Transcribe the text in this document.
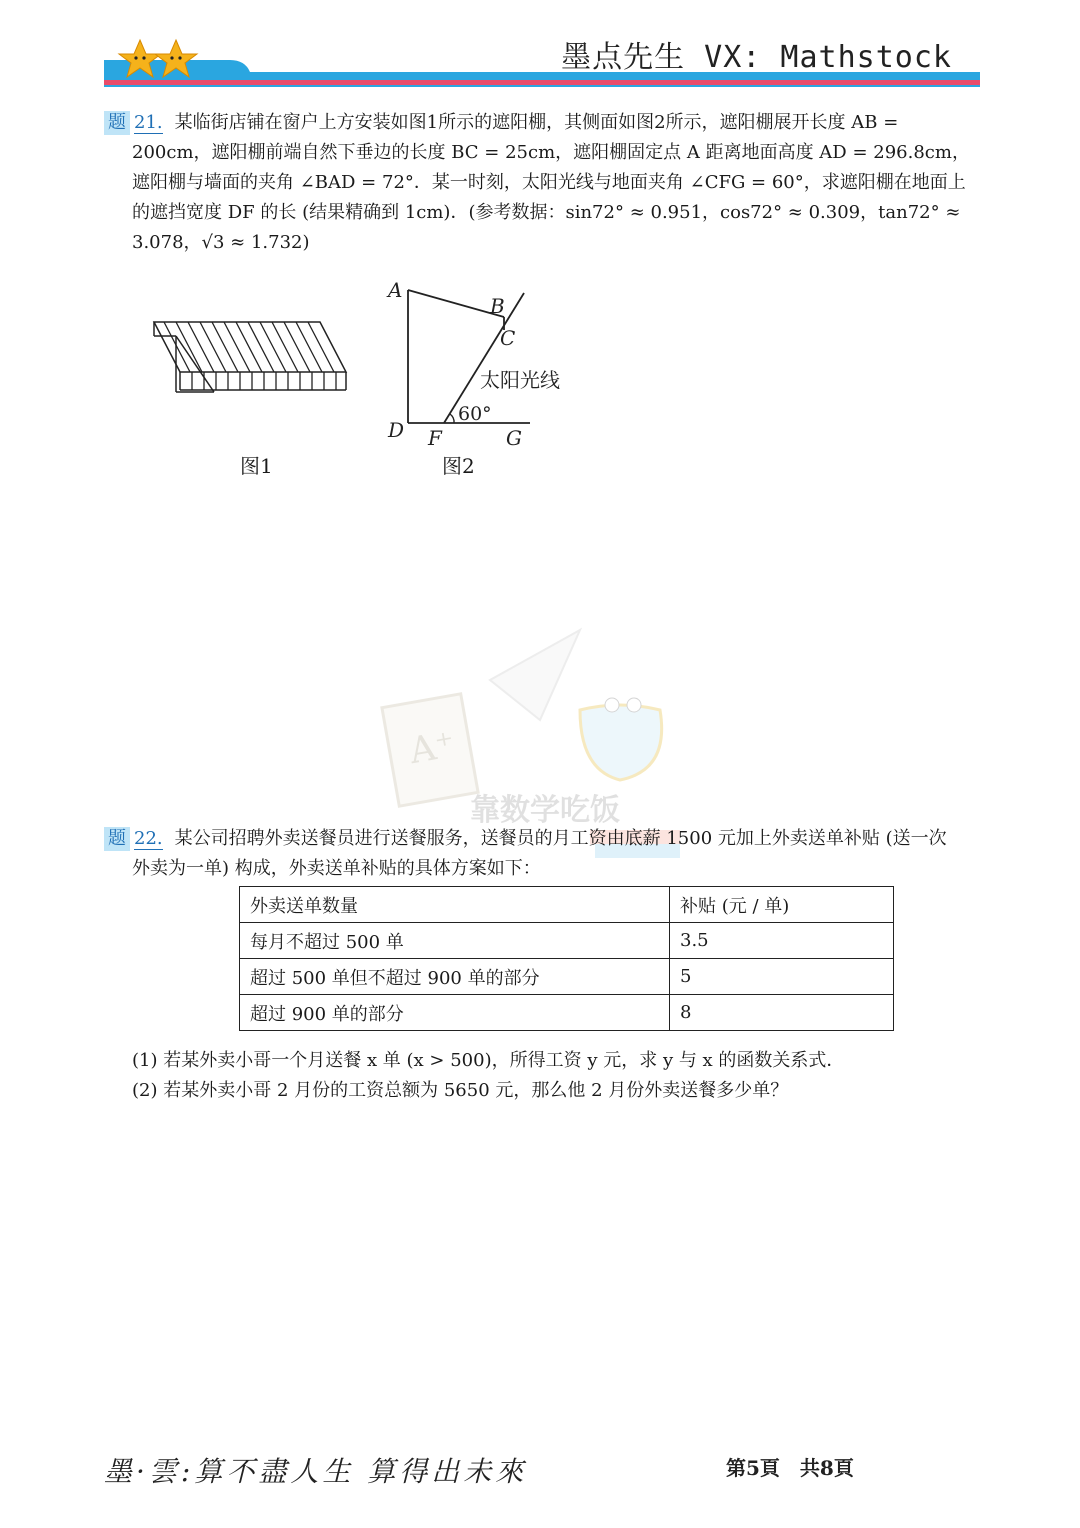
墨点先生 VX: Mathstock
题 21. 某临街店铺在窗户上方安装如图1所示的遮阳棚，其侧面如图2所示，遮阳棚展开长度 AB =
200cm，遮阳棚前端自然下垂边的长度 BC = 25cm，遮阳棚固定点 A 距离地面高度 AD = 296.8cm，
遮阳棚与墙面的夹角 ∠BAD = 72°．某一时刻，太阳光线与地面夹角 ∠CFG = 60°，求遮阳棚在地面上
的遮挡宽度 DF 的长 (结果精确到 1cm)．(参考数据：sin72° ≈ 0.951，cos72° ≈ 0.309，tan72° ≈
3.078，√3 ≈ 1.732)
图1
A
B
C
D F	G
太阳光线
60°
图2
A⁺
靠数学吃饭
题 22. 某公司招聘外卖送餐员进行送餐服务，送餐员的月工资由底薪 1500 元加上外卖送单补贴 (送一次
外卖为一单) 构成，外卖送单补贴的具体方案如下：
外卖送单数量	补贴 (元 / 单)
每月不超过 500 单	3.5
超过 500 单但不超过 900 单的部分	5
超过 900 单的部分	8
(1) 若某外卖小哥一个月送餐 x 单 (x > 500)，所得工资 y 元，求 y 与 x 的函数关系式．
(2) 若某外卖小哥 2 月份的工资总额为 5650 元，那么他 2 月份外卖送餐多少单？
墨·雲:算不盡人生 算得出未來	第5頁　共8頁
